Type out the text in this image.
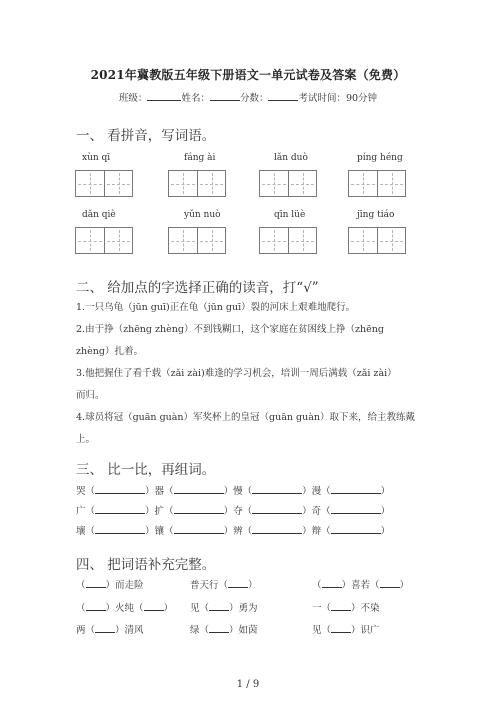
2021年冀教版五年级下册语文一单元试卷及答案（免费）
班级：	姓名：	分数：	考试时间：90分钟
一、 看拼音，写词语。
xùn qī	fáng ài	lǎn duò	píng héng
dǎn qiè	yǔn nuò	qīn lüè	jīng tiáo
二、 给加点的字选择正确的读音，打“√”
1.一只乌龟（jūn guī)正在龟（jūn guī）裂的河床上艰难地爬行。
2.由于挣（zhēng zhèng）不到钱糊口，这个家庭在贫困线上挣（zhēng
zhèng）扎着。
3.他把握住了看千载（zǎi zài)难逢的学习机会，培训一周后满载（zǎi zài）
而归。
4.球员将冠（guān guàn）军奖杯上的皇冠（guān guàn）取下来，给主教练戴
上。
三、 比一比，再组词。
哭（	）器（	）慢（	）漫（	）
广（	）扩（	）夺（	）奇（	）
壤（	）镶（	）辨（	）辩（	）
四、 把词语补充完整。
（ ）而走险	普天行（ ）	（ ）喜若（ ）
（ ）火纯（ ） 见（ ）勇为	一（ ）不染
两（ ）清风	绿（ ）如茵	见（ ）识广
1 / 9
